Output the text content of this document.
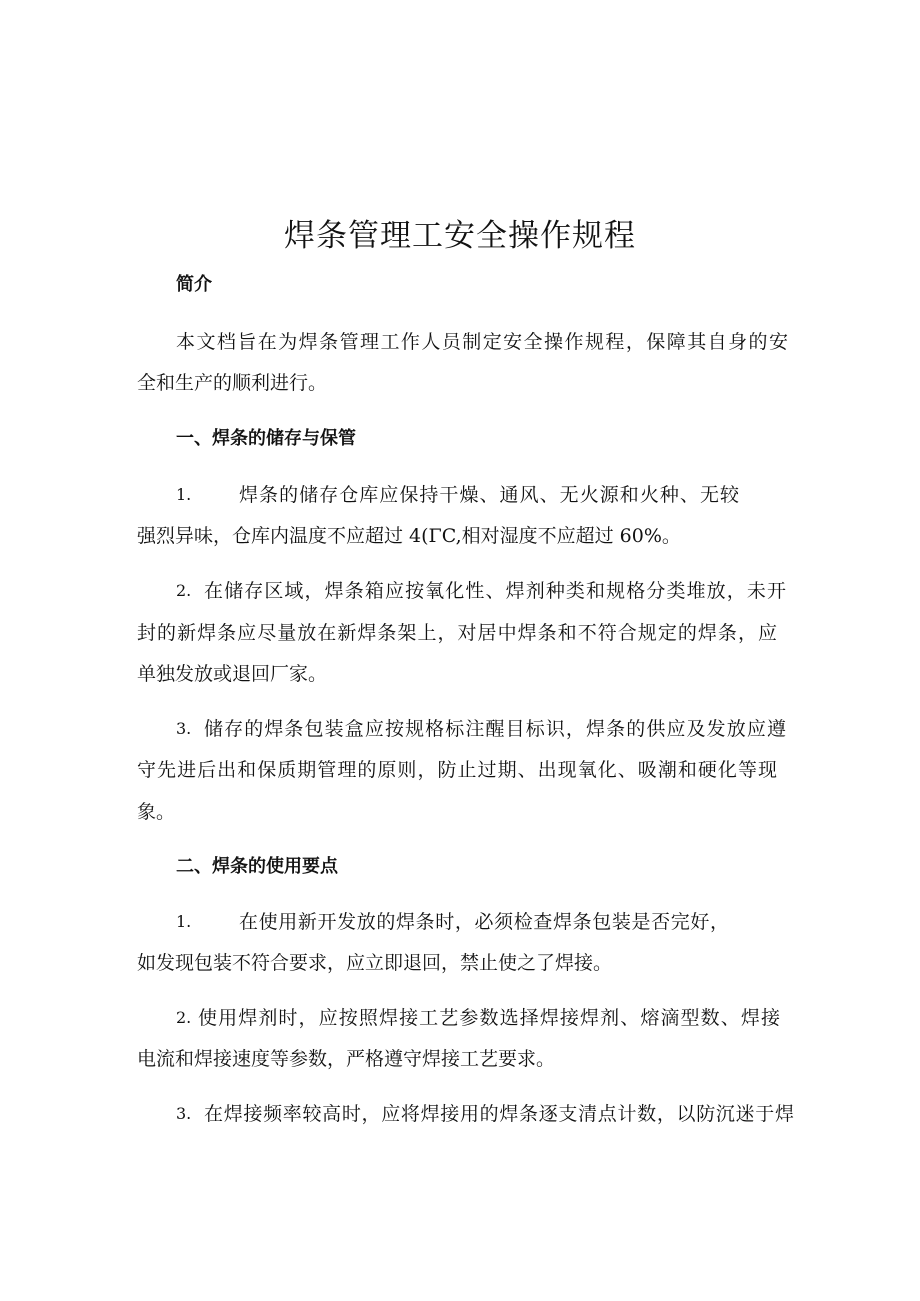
焊条管理工安全操作规程
简介
本文档旨在为焊条管理工作人员制定安全操作规程，保障其自身的安
全和生产的顺利进行。
一、焊条的储存与保管
1.	焊条的储存仓库应保持干燥、通风、无火源和火种、无较
强烈异味，仓库内温度不应超过 4(ΓC,相对湿度不应超过 60%。
2. 在储存区域，焊条箱应按氧化性、焊剂种类和规格分类堆放，未开
封的新焊条应尽量放在新焊条架上，对居中焊条和不符合规定的焊条，应
单独发放或退回厂家。
3. 储存的焊条包装盒应按规格标注醒目标识，焊条的供应及发放应遵
守先进后出和保质期管理的原则，防止过期、出现氧化、吸潮和硬化等现
象。
二、焊条的使用要点
1.	在使用新开发放的焊条时，必须检查焊条包装是否完好，
如发现包装不符合要求，应立即退回，禁止使之了焊接。
2. 使用焊剂时，应按照焊接工艺参数选择焊接焊剂、熔滴型数、焊接
电流和焊接速度等参数，严格遵守焊接工艺要求。
3. 在焊接频率较高时，应将焊接用的焊条逐支清点计数，以防沉迷于焊
